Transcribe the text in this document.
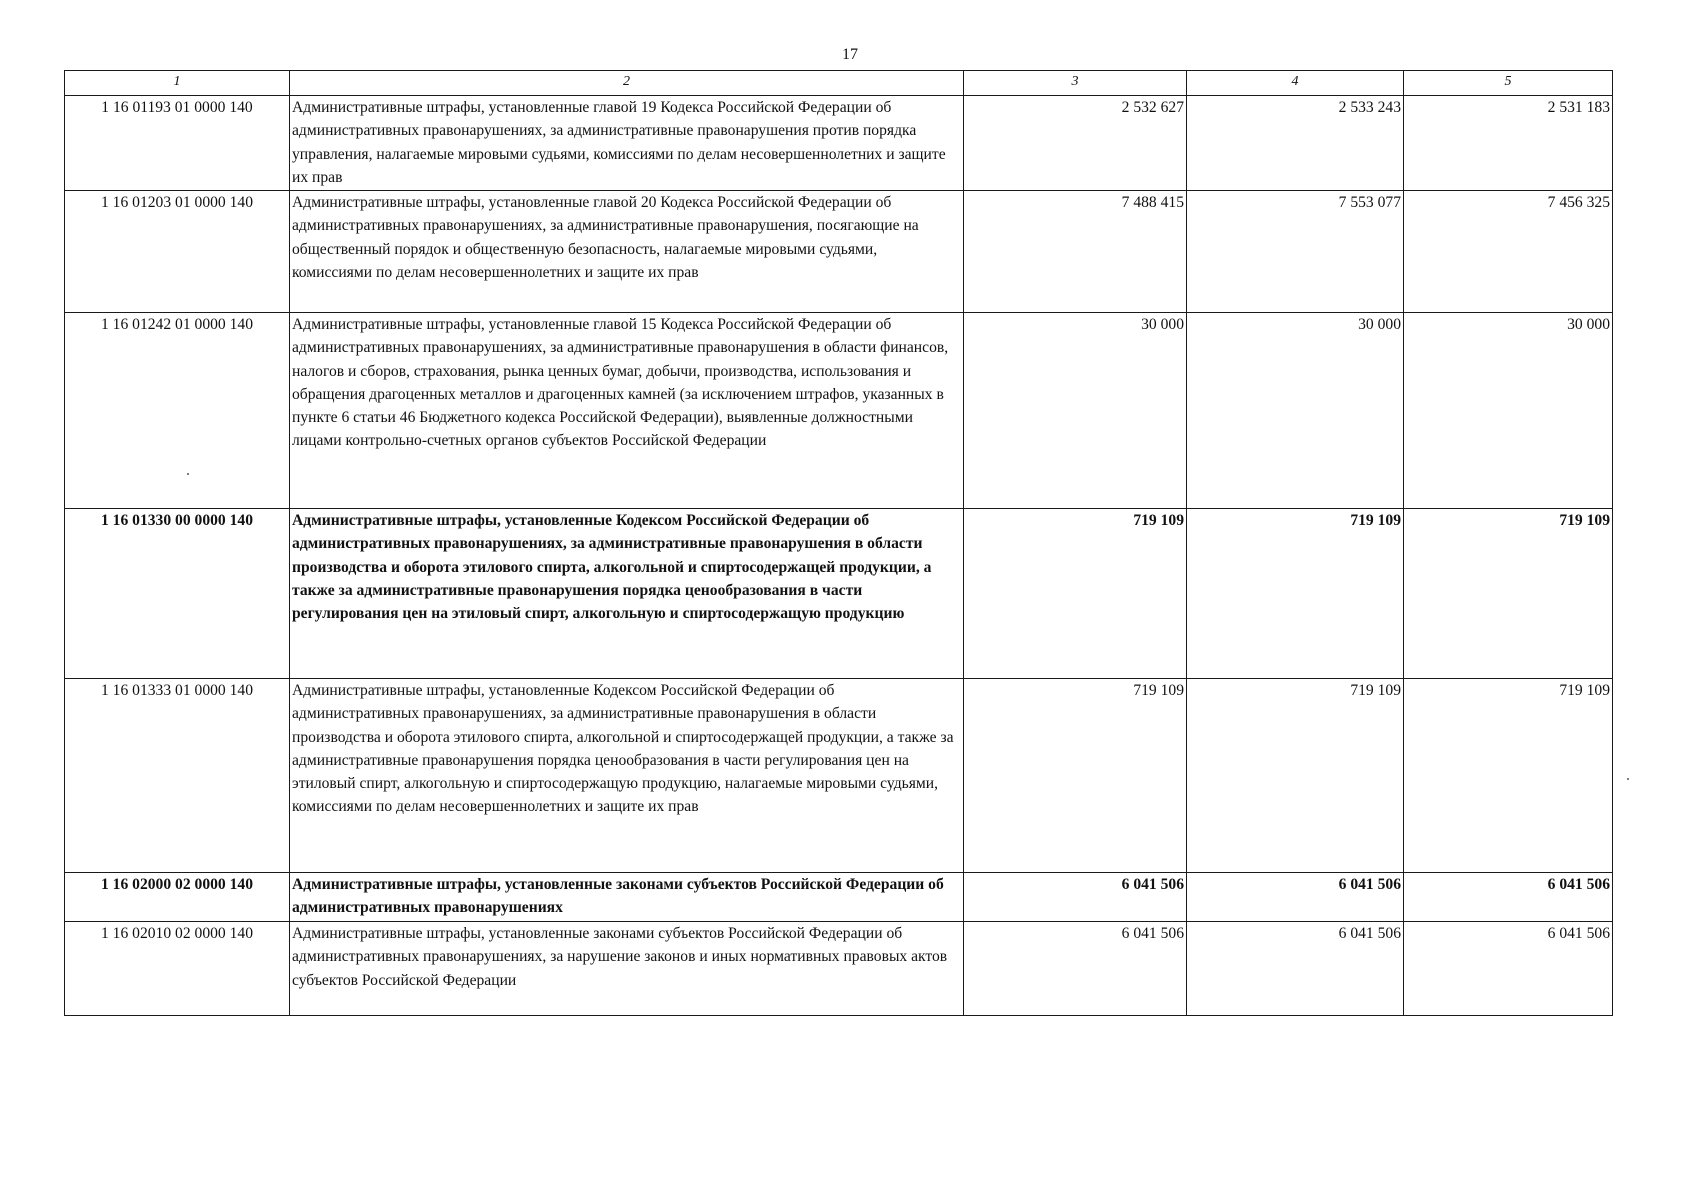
17
1	2	3	4	5
1 16 01193 01 0000 140	Административные штрафы, установленные главой 19 Кодекса Российской Федерации об административных правонарушениях, за административные правонарушения против порядка управления, налагаемые мировыми судьями, комиссиями по делам несовершеннолетних и защите их прав	2 532 627	2 533 243	2 531 183
1 16 01203 01 0000 140	Административные штрафы, установленные главой 20 Кодекса Российской Федерации об административных правонарушениях, за административные правонарушения, посягающие на общественный порядок и общественную безопасность, налагаемые мировыми судьями, комиссиями по делам несовершеннолетних и защите их прав	7 488 415	7 553 077	7 456 325
1 16 01242 01 0000 140	Административные штрафы, установленные главой 15 Кодекса Российской Федерации об административных правонарушениях, за административные правонарушения в области финансов, налогов и сборов, страхования, рынка ценных бумаг, добычи, производства, использования и обращения драгоценных металлов и драгоценных камней (за исключением штрафов, указанных в пункте 6 статьи 46 Бюджетного кодекса Российской Федерации), выявленные должностными лицами контрольно-счетных органов субъектов Российской Федерации	30 000	30 000	30 000
1 16 01330 00 0000 140	Административные штрафы, установленные Кодексом Российской Федерации об административных правонарушениях, за административные правонарушения в области производства и оборота этилового спирта, алкогольной и спиртосодержащей продукции, а также за административные правонарушения порядка ценообразования в части регулирования цен на этиловый спирт, алкогольную и спиртосодержащую продукцию	719 109	719 109	719 109
1 16 01333 01 0000 140	Административные штрафы, установленные Кодексом Российской Федерации об административных правонарушениях, за административные правонарушения в области производства и оборота этилового спирта, алкогольной и спиртосодержащей продукции, а также за административные правонарушения порядка ценообразования в части регулирования цен на этиловый спирт, алкогольную и спиртосодержащую продукцию, налагаемые мировыми судьями, комиссиями по делам несовершеннолетних и защите их прав	719 109	719 109	719 109
1 16 02000 02 0000 140	Административные штрафы, установленные законами субъектов Российской Федерации об административных правонарушениях	6 041 506	6 041 506	6 041 506
1 16 02010 02 0000 140	Административные штрафы, установленные законами субъектов Российской Федерации об административных правонарушениях, за нарушение законов и иных нормативных правовых актов субъектов Российской Федерации	6 041 506	6 041 506	6 041 506
